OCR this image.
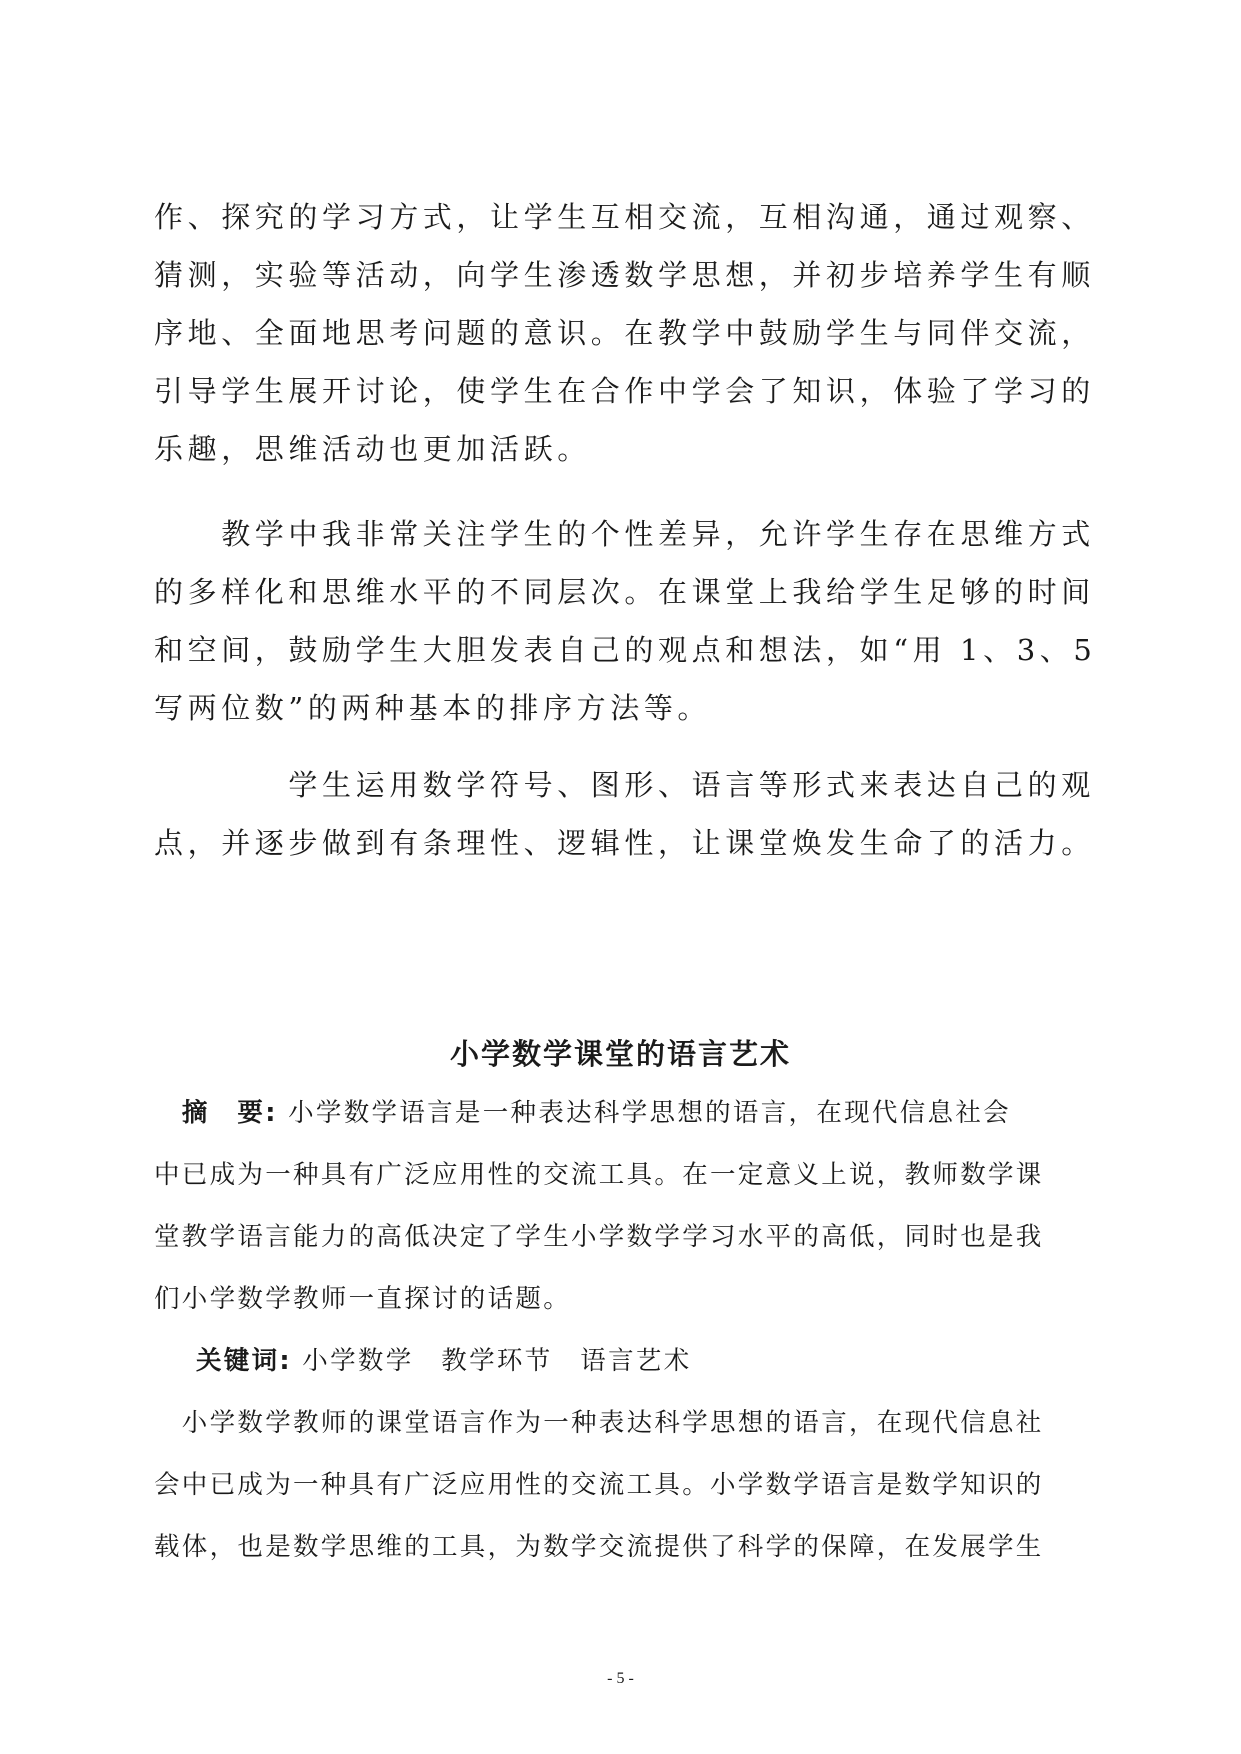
作、探究的学习方式，让学生互相交流，互相沟通，通过观察、
猜测，实验等活动，向学生渗透数学思想，并初步培养学生有顺
序地、全面地思考问题的意识。在教学中鼓励学生与同伴交流，
引导学生展开讨论，使学生在合作中学会了知识，体验了学习的
乐趣，思维活动也更加活跃。
　　教学中我非常关注学生的个性差异，允许学生存在思维方式
的多样化和思维水平的不同层次。在课堂上我给学生足够的时间
和空间，鼓励学生大胆发表自己的观点和想法，如“用 1、3、5
写两位数”的两种基本的排序方法等。
　　　　学生运用数学符号、图形、语言等形式来表达自己的观
点，并逐步做到有条理性、逻辑性，让课堂焕发生命了的活力。
小学数学课堂的语言艺术
　摘　要: 小学数学语言是一种表达科学思想的语言，在现代信息社会
中已成为一种具有广泛应用性的交流工具。在一定意义上说，教师数学课
堂教学语言能力的高低决定了学生小学数学学习水平的高低，同时也是我
们小学数学教师一直探讨的话题。
关键词: 小学数学　教学环节　语言艺术
　小学数学教师的课堂语言作为一种表达科学思想的语言，在现代信息社
会中已成为一种具有广泛应用性的交流工具。小学数学语言是数学知识的
载体，也是数学思维的工具，为数学交流提供了科学的保障，在发展学生

- 5 -
